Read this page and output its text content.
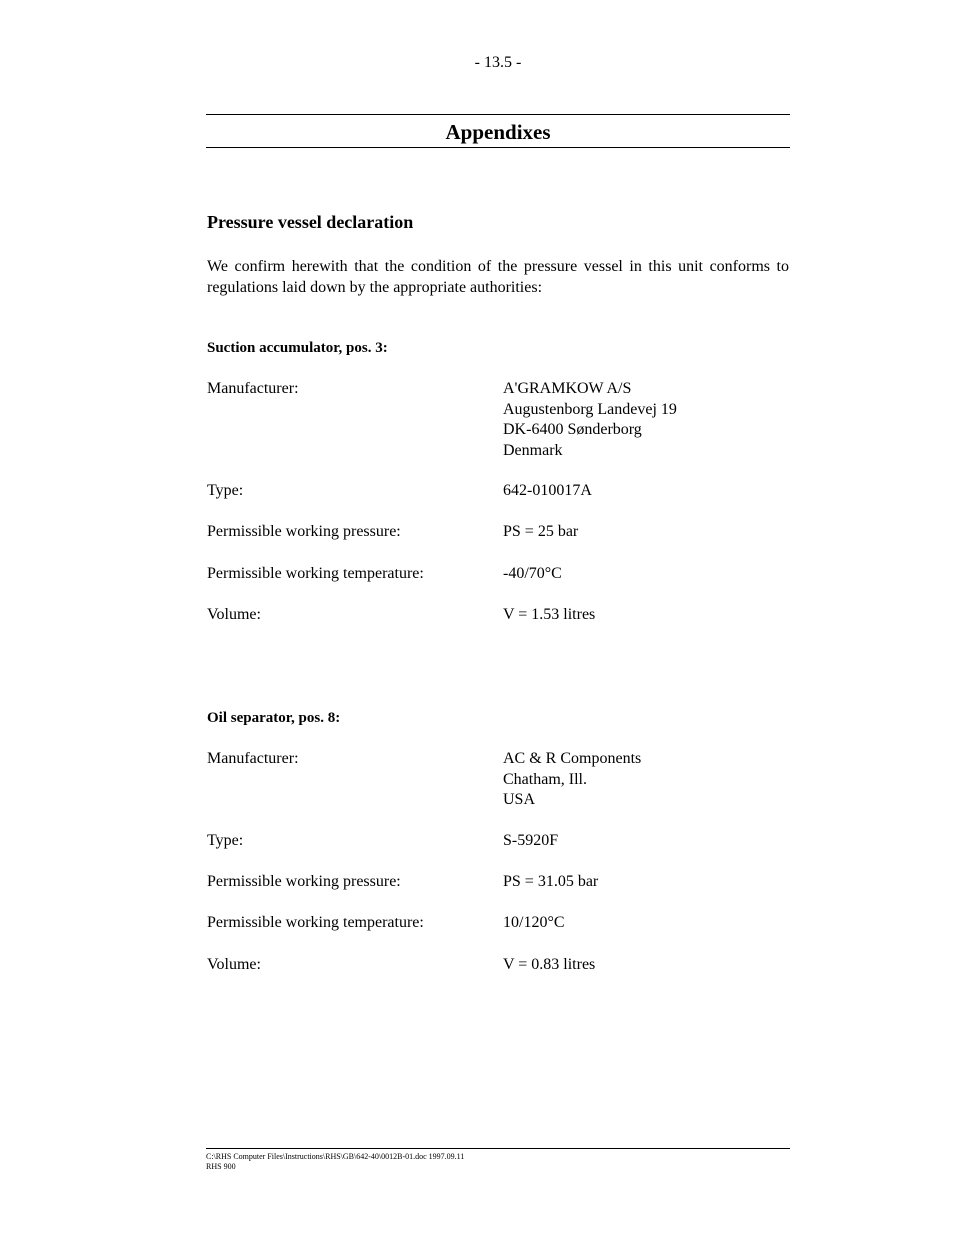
- 13.5 -
Appendixes
Pressure vessel declaration

We confirm herewith that the condition of the pressure vessel in this unit conforms to regulations laid down by the appropriate authorities:

Suction accumulator, pos. 3:
Manufacturer:	A'GRAMKOW A/S
Augustenborg Landevej 19
DK-6400 Sønderborg
Denmark
Type:	642-010017A
Permissible working pressure:	PS = 25 bar
Permissible working temperature:	-40/70°C
Volume:	V = 1.53 litres
Oil separator, pos. 8:
Manufacturer:	AC & R Components
Chatham, Ill.
USA
Type:	S-5920F
Permissible working pressure:	PS = 31.05 bar
Permissible working temperature:	10/120°C
Volume:	V = 0.83 litres
C:\RHS Computer Files\Instructions\RHS\GB\642-40\0012B-01.doc 1997.09.11
RHS 900
